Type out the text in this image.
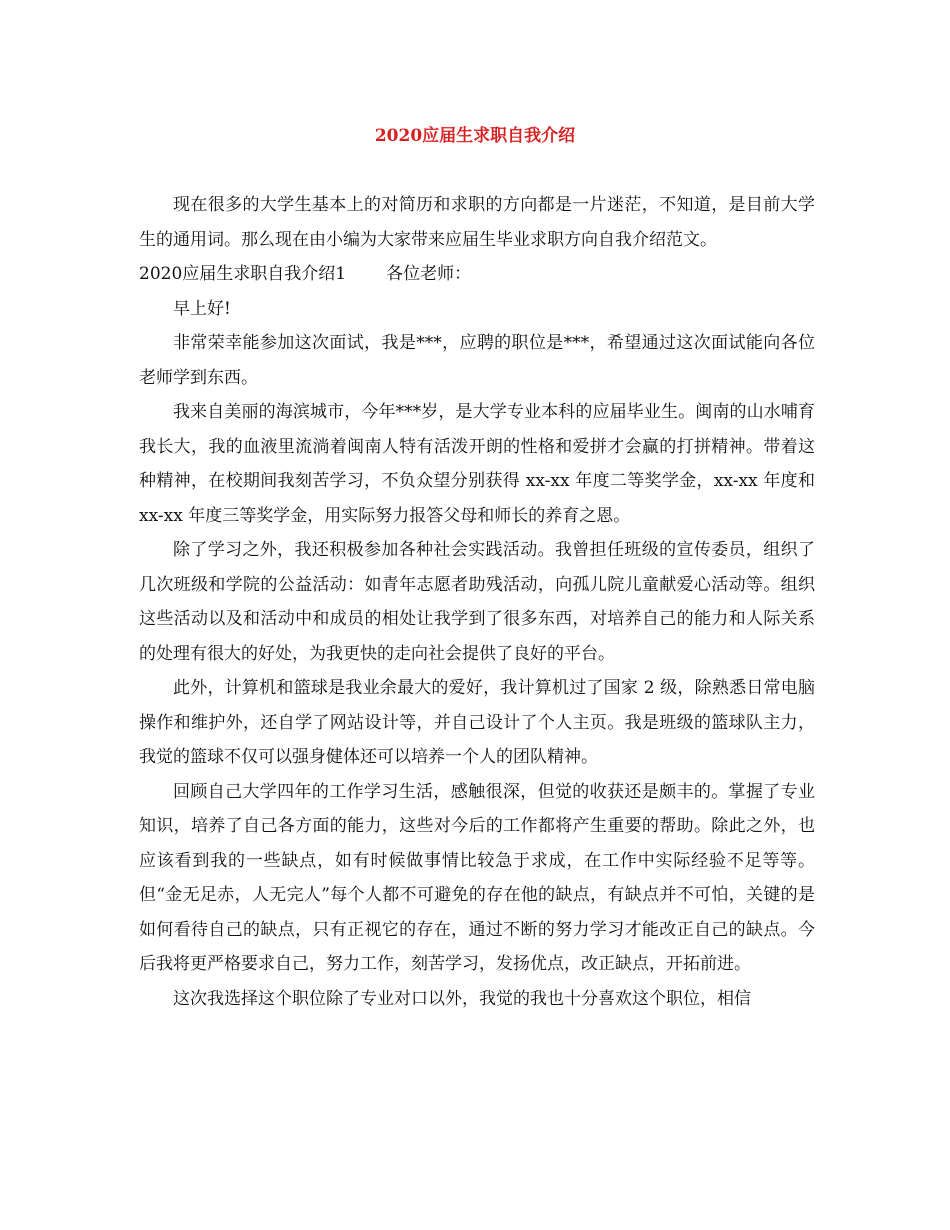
2020应届生求职自我介绍

现在很多的大学生基本上的对简历和求职的方向都是一片迷茫，不知道，是目前大学生的通用词。那么现在由小编为大家带来应届生毕业求职方向自我介绍范文。

2020应届生求职自我介绍1 各位老师：

早上好!

非常荣幸能参加这次面试，我是***，应聘的职位是***，希望通过这次面试能向各位老师学到东西。

我来自美丽的海滨城市，今年***岁，是大学专业本科的应届毕业生。闽南的山水哺育我长大，我的血液里流淌着闽南人特有活泼开朗的性格和爱拼才会赢的打拼精神。带着这种精神，在校期间我刻苦学习，不负众望分别获得 xx-xx 年度二等奖学金，xx-xx 年度和 xx-xx 年度三等奖学金，用实际努力报答父母和师长的养育之恩。

除了学习之外，我还积极参加各种社会实践活动。我曾担任班级的宣传委员，组织了几次班级和学院的公益活动：如青年志愿者助残活动，向孤儿院儿童献爱心活动等。组织这些活动以及和活动中和成员的相处让我学到了很多东西，对培养自己的能力和人际关系的处理有很大的好处，为我更快的走向社会提供了良好的平台。

此外，计算机和篮球是我业余最大的爱好，我计算机过了国家 2 级，除熟悉日常电脑操作和维护外，还自学了网站设计等，并自己设计了个人主页。我是班级的篮球队主力，我觉的篮球不仅可以强身健体还可以培养一个人的团队精神。

回顾自己大学四年的工作学习生活，感触很深，但觉的收获还是颇丰的。掌握了专业知识，培养了自己各方面的能力，这些对今后的工作都将产生重要的帮助。除此之外，也应该看到我的一些缺点，如有时候做事情比较急于求成，在工作中实际经验不足等等。但“金无足赤，人无完人”每个人都不可避免的存在他的缺点，有缺点并不可怕，关键的是如何看待自己的缺点，只有正视它的存在，通过不断的努力学习才能改正自己的缺点。今后我将更严格要求自己，努力工作，刻苦学习，发扬优点，改正缺点，开拓前进。

这次我选择这个职位除了专业对口以外，我觉的我也十分喜欢这个职位，相信
